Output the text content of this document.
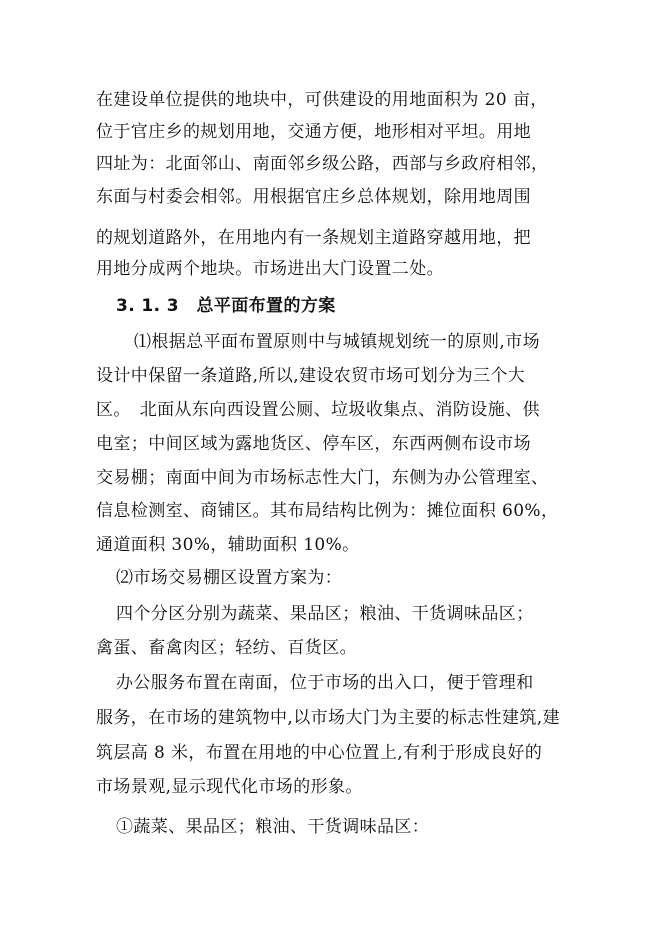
在建设单位提供的地块中，可供建设的用地面积为 20 亩，
位于官庄乡的规划用地，交通方便，地形相对平坦。用地
四址为：北面邻山、南面邻乡级公路，西部与乡政府相邻，
东面与村委会相邻。用根据官庄乡总体规划，除用地周围
的规划道路外，在用地内有一条规划主道路穿越用地，把
用地分成两个地块。市场进出大门设置二处。
3. 1. 3　总平面布置的方案
⑴根据总平面布置原则中与城镇规划统一的原则,市场
设计中保留一条道路,所以,建设农贸市场可划分为三个大
区。　北面从东向西设置公厕、垃圾收集点、消防设施、供
电室；中间区域为露地货区、停车区，东西两侧布设市场
交易棚；南面中间为市场标志性大门，东侧为办公管理室、
信息检测室、商铺区。其布局结构比例为：摊位面积 60%，
通道面积 30%，辅助面积 10%。
⑵市场交易棚区设置方案为：
四个分区分别为蔬菜、果品区；粮油、干货调味品区；
禽蛋、畜禽肉区；轻纺、百货区。
办公服务布置在南面，位于市场的出入口，便于管理和
服务，在市场的建筑物中,以市场大门为主要的标志性建筑,建
筑层高 8 米，布置在用地的中心位置上,有利于形成良好的
市场景观,显示现代化市场的形象。
①蔬菜、果品区；粮油、干货调味品区：
